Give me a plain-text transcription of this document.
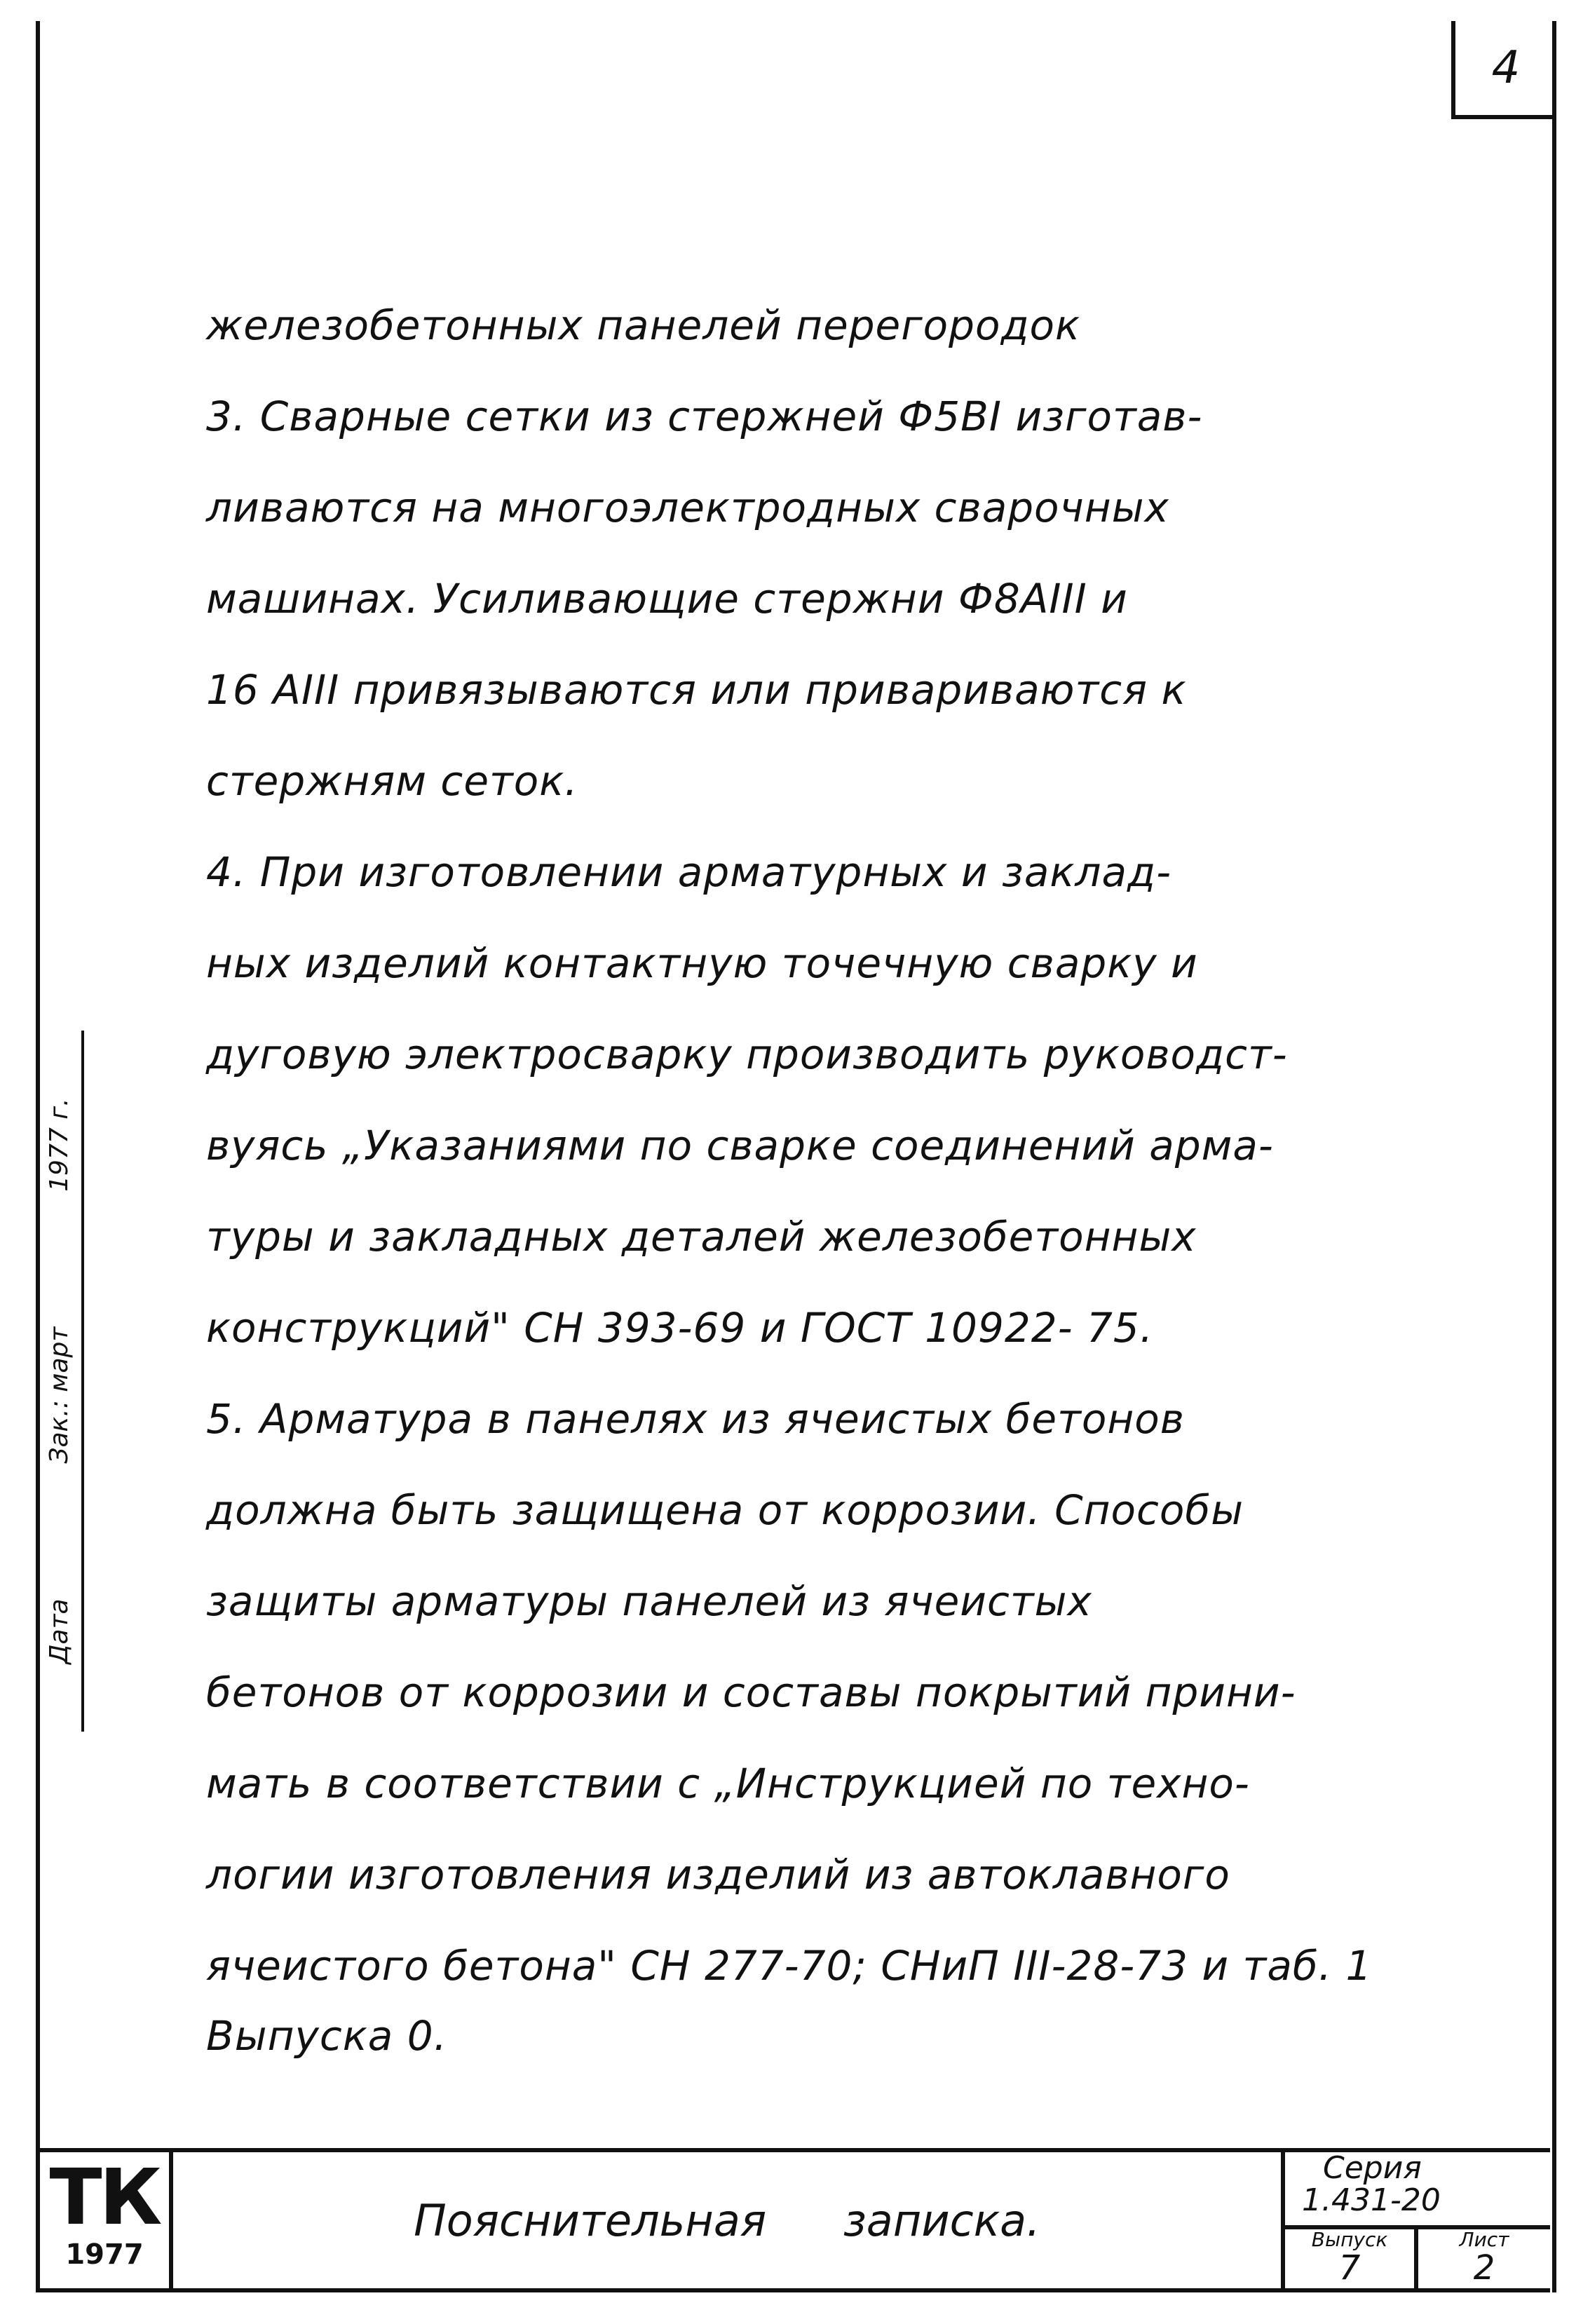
4
Дата
Зак.: март
1977 г.
железобетонных панелей перегородок
3. Сварные сетки из стержней Ф5ВI изготав-
ливаются на многоэлектродных сварочных
машинах. Усиливающие стержни Ф8АIII и
16 АIII привязываются или привариваются к
стержням сеток.
4. При изготовлении арматурных и заклад-
ных изделий контактную точечную сварку и
дуговую электросварку производить руководст-
вуясь „Указаниями по сварке соединений арма-
туры и закладных деталей железобетонных
конструкций" СН 393-69 и ГОСТ 10922- 75.
5. Арматура в панелях из ячеистых бетонов
должна быть защищена от коррозии. Способы
защиты арматуры панелей из ячеистых
бетонов от коррозии и составы покрытий прини-
мать в соответствии с „Инструкцией по техно-
логии изготовления изделий из автоклавного
ячеистого бетона" СН 277-70; СНиП III-28-73 и таб. 1
Выпуска 0.
ТК
1977
Пояснительная записка.
Серия
1.431-20
Выпуск
7
Лист
2
